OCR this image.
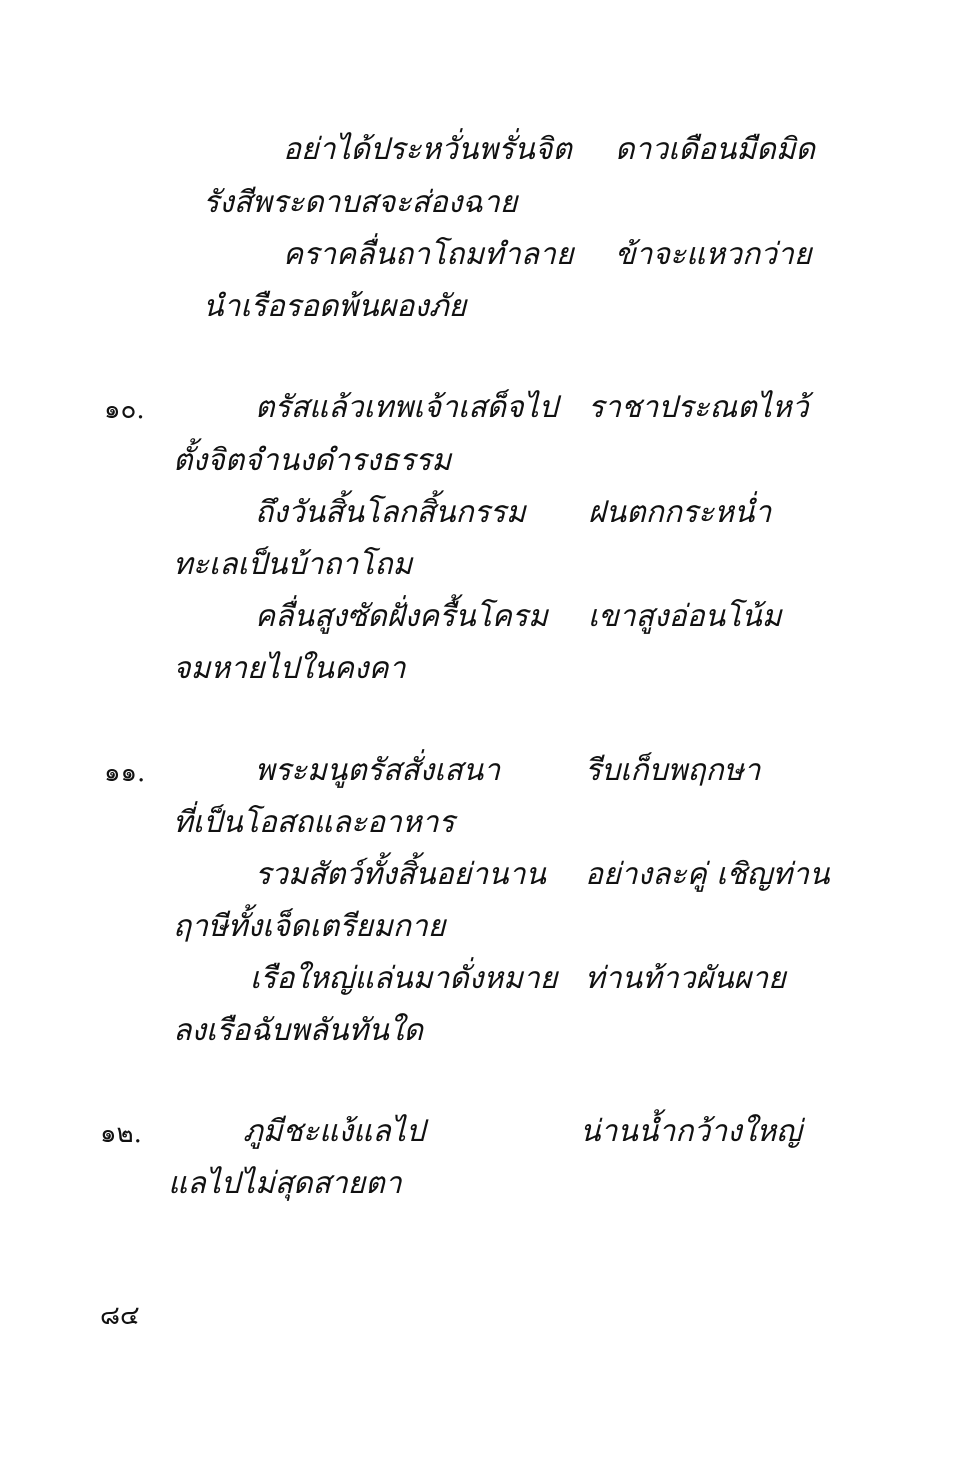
อย่าได้ประหวั่นพรั่นจิต ดาวเดือนมืดมิด
รังสีพระดาบสจะส่องฉาย
คราคลื่นถาโถมทำลาย ข้าจะแหวกว่าย
นำเรือรอดพ้นผองภัย
๑๐.	ตรัสแล้วเทพเจ้าเสด็จไป ราชาประณตไหว้
ตั้งจิตจำนงดำรงธรรม
ถึงวันสิ้นโลกสิ้นกรรม ฝนตกกระหน่ำ
ทะเลเป็นบ้าถาโถม
คลื่นสูงซัดฝั่งครื้นโครม เขาสูงอ่อนโน้ม
จมหายไปในคงคา
๑๑.	พระมนูตรัสสั่งเสนา	รีบเก็บพฤกษา
ที่เป็นโอสถและอาหาร
รวมสัตว์ทั้งสิ้นอย่านาน อย่างละคู่ เชิญท่าน
ฤาษีทั้งเจ็ดเตรียมกาย
เรือใหญ่แล่นมาดั่งหมาย ท่านท้าวผันผาย
ลงเรือฉับพลันทันใด
๑๒.	ภูมีชะแง้แลไป	น่านน้ำกว้างใหญ่
แลไปไม่สุดสายตา
๘๔
